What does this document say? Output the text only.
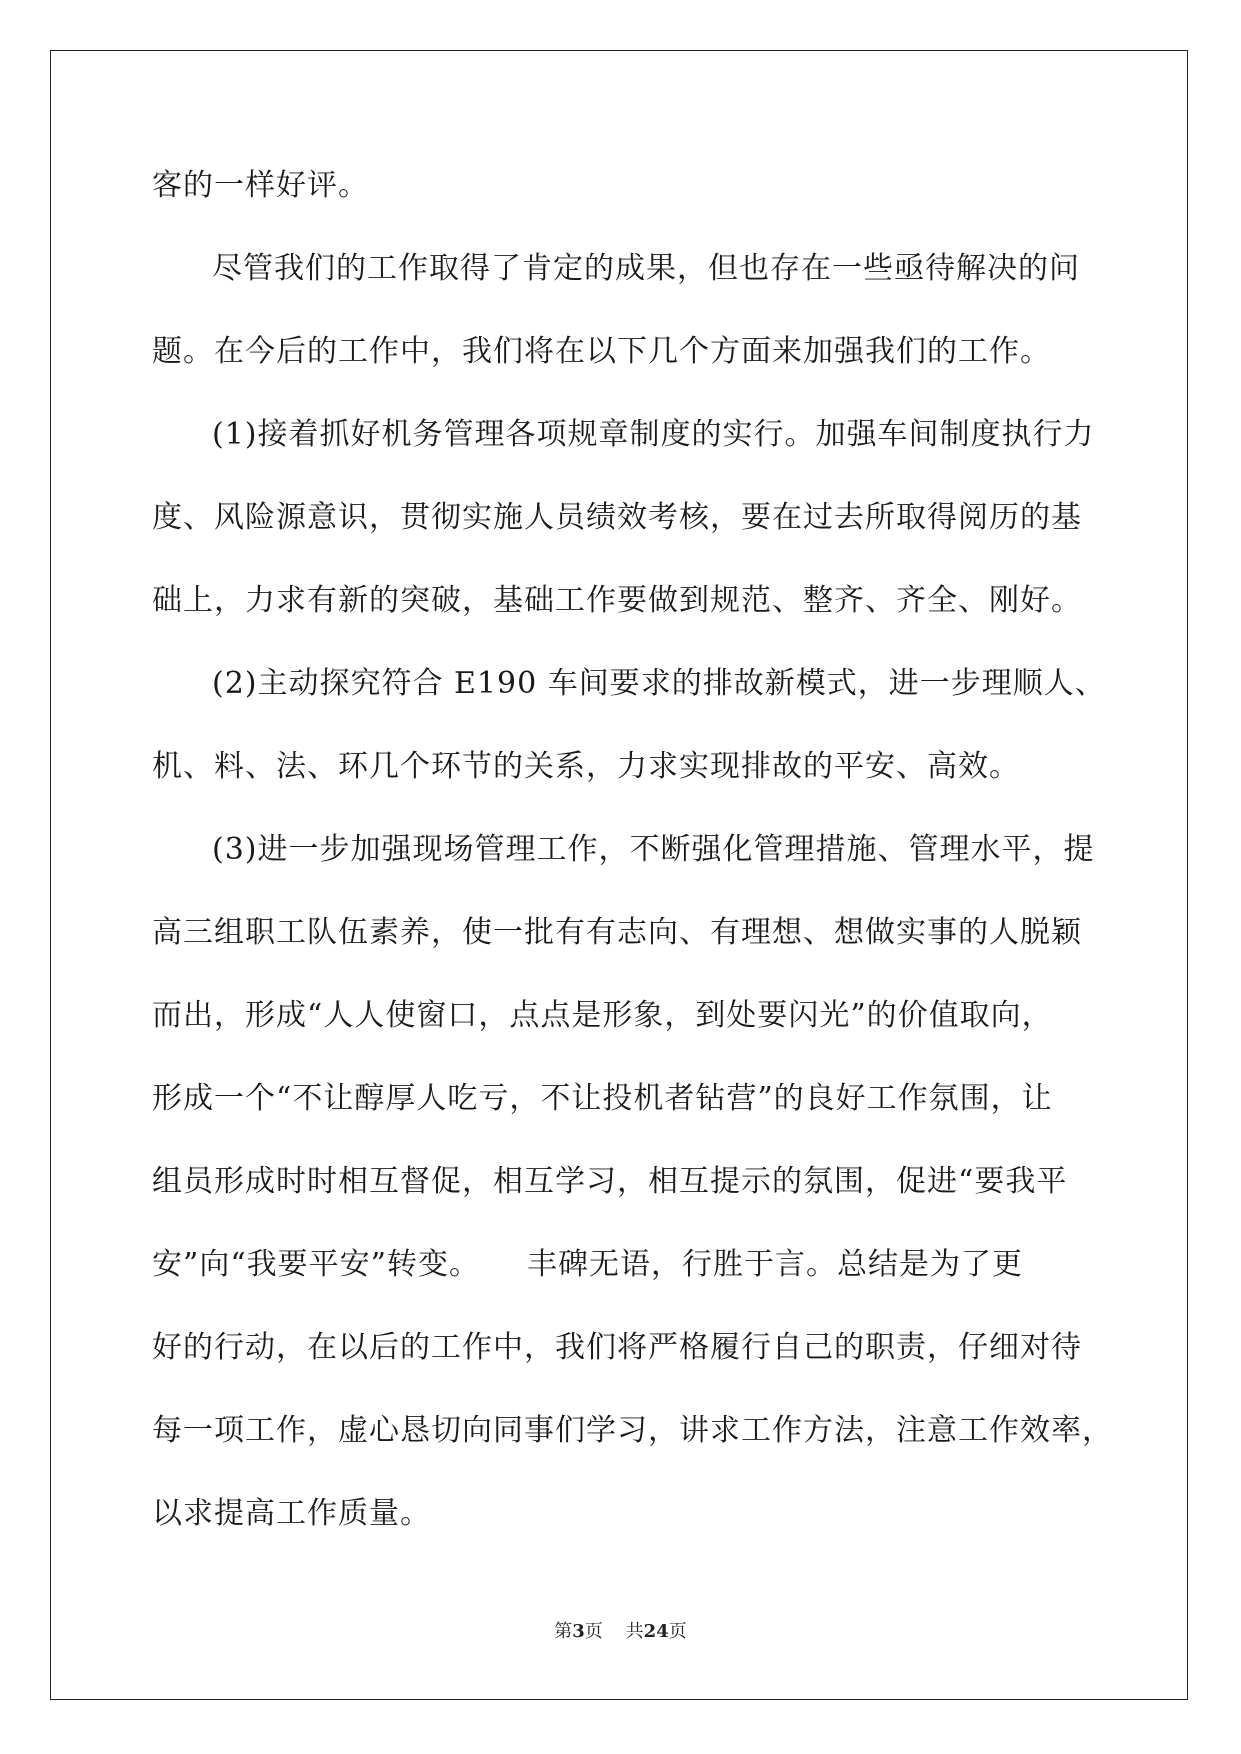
客的一样好评。
尽管我们的工作取得了肯定的成果，但也存在一些亟待解决的问
题。在今后的工作中，我们将在以下几个方面来加强我们的工作。
(1)接着抓好机务管理各项规章制度的实行。加强车间制度执行力
度、风险源意识，贯彻实施人员绩效考核，要在过去所取得阅历的基
础上，力求有新的突破，基础工作要做到规范、整齐、齐全、刚好。
(2)主动探究符合 E190 车间要求的排故新模式，进一步理顺人、
机、料、法、环几个环节的关系，力求实现排故的平安、高效。
(3)进一步加强现场管理工作，不断强化管理措施、管理水平，提
高三组职工队伍素养，使一批有有志向、有理想、想做实事的人脱颖
而出，形成“人人使窗口，点点是形象，到处要闪光”的价值取向，
形成一个“不让醇厚人吃亏，不让投机者钻营”的良好工作氛围，让
组员形成时时相互督促，相互学习，相互提示的氛围，促进“要我平
安”向“我要平安”转变。　　丰碑无语，行胜于言。总结是为了更
好的行动，在以后的工作中，我们将严格履行自己的职责，仔细对待
每一项工作，虚心恳切向同事们学习，讲求工作方法，注意工作效率，
以求提高工作质量。
第3页 共24页
